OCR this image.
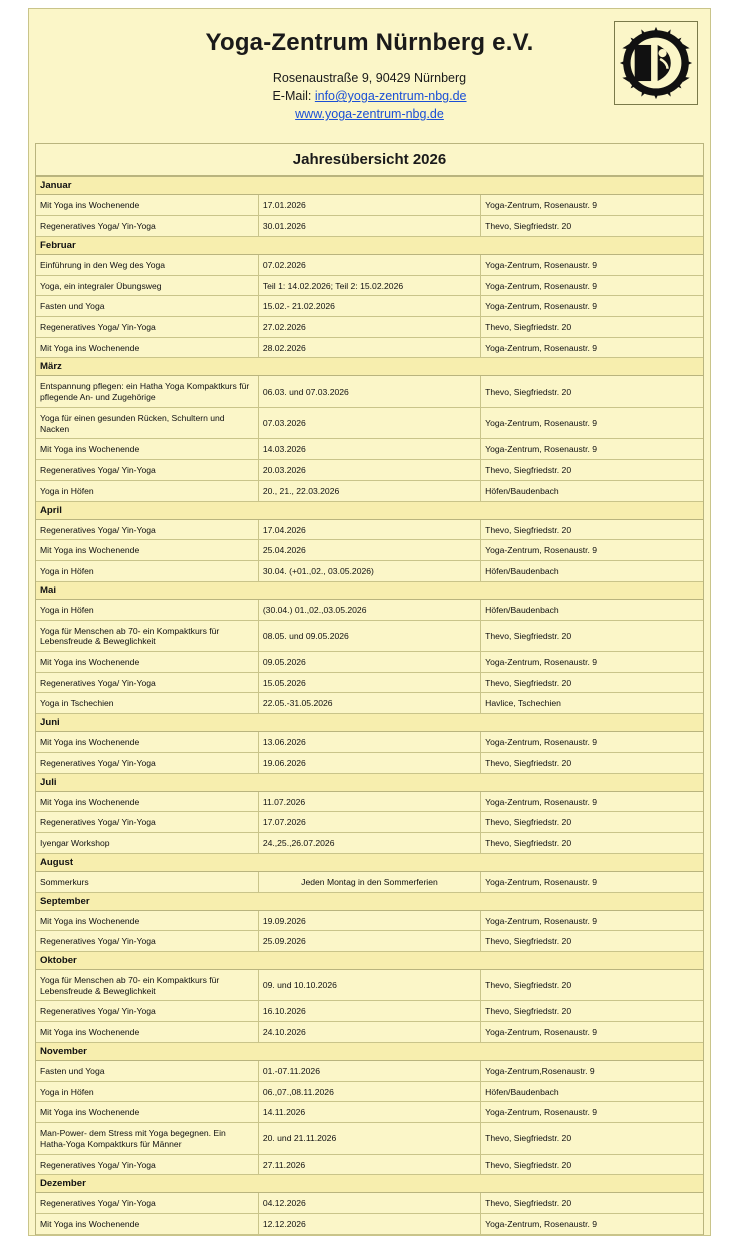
Yoga-Zentrum Nürnberg e.V.
Rosenaustraße 9, 90429 Nürnberg
E-Mail: info@yoga-zentrum-nbg.de
www.yoga-zentrum-nbg.de
Jahresübersicht 2026
Januar		
Mit Yoga ins Wochenende	17.01.2026	Yoga-Zentrum, Rosenaustr. 9
Regeneratives Yoga/ Yin-Yoga	30.01.2026	Thevo, Siegfriedstr. 20
Februar		
Einführung in den Weg des Yoga	07.02.2026	Yoga-Zentrum, Rosenaustr. 9
Yoga, ein integraler Übungsweg	Teil 1: 14.02.2026; Teil 2: 15.02.2026	Yoga-Zentrum, Rosenaustr. 9
Fasten und Yoga	15.02.- 21.02.2026	Yoga-Zentrum, Rosenaustr. 9
Regeneratives Yoga/ Yin-Yoga	27.02.2026	Thevo, Siegfriedstr. 20
Mit Yoga ins Wochenende	28.02.2026	Yoga-Zentrum, Rosenaustr. 9
März		
Entspannung pflegen: ein Hatha Yoga Kompaktkurs für pflegende An- und Zugehörige	06.03. und 07.03.2026	Thevo, Siegfriedstr. 20
Yoga für einen gesunden Rücken, Schultern und Nacken	07.03.2026	Yoga-Zentrum, Rosenaustr. 9
Mit Yoga ins Wochenende	14.03.2026	Yoga-Zentrum, Rosenaustr. 9
Regeneratives Yoga/ Yin-Yoga	20.03.2026	Thevo, Siegfriedstr. 20
Yoga in Höfen	20., 21., 22.03.2026	Höfen/Baudenbach
April		
Regeneratives Yoga/ Yin-Yoga	17.04.2026	Thevo, Siegfriedstr. 20
Mit Yoga ins Wochenende	25.04.2026	Yoga-Zentrum, Rosenaustr. 9
Yoga in Höfen	30.04. (+01.,02., 03.05.2026)	Höfen/Baudenbach
Mai		
Yoga in Höfen	(30.04.) 01.,02.,03.05.2026	Höfen/Baudenbach
Yoga für Menschen ab 70- ein Kompaktkurs für Lebensfreude & Beweglichkeit	08.05. und 09.05.2026	Thevo, Siegfriedstr. 20
Mit Yoga ins Wochenende	09.05.2026	Yoga-Zentrum, Rosenaustr. 9
Regeneratives Yoga/ Yin-Yoga	15.05.2026	Thevo, Siegfriedstr. 20
Yoga in Tschechien	22.05.-31.05.2026	Havlice, Tschechien
Juni		
Mit Yoga ins Wochenende	13.06.2026	Yoga-Zentrum, Rosenaustr. 9
Regeneratives Yoga/ Yin-Yoga	19.06.2026	Thevo, Siegfriedstr. 20
Juli		
Mit Yoga ins Wochenende	11.07.2026	Yoga-Zentrum, Rosenaustr. 9
Regeneratives Yoga/ Yin-Yoga	17.07.2026	Thevo, Siegfriedstr. 20
Iyengar Workshop	24.,25.,26.07.2026	Thevo, Siegfriedstr. 20
August		
Sommerkurs	Jeden Montag in den Sommerferien	Yoga-Zentrum, Rosenaustr. 9
September		
Mit Yoga ins Wochenende	19.09.2026	Yoga-Zentrum, Rosenaustr. 9
Regeneratives Yoga/ Yin-Yoga	25.09.2026	Thevo, Siegfriedstr. 20
Oktober		
Yoga für Menschen ab 70- ein Kompaktkurs für Lebensfreude & Beweglichkeit	09. und 10.10.2026	Thevo, Siegfriedstr. 20
Regeneratives Yoga/ Yin-Yoga	16.10.2026	Thevo, Siegfriedstr. 20
Mit Yoga ins Wochenende	24.10.2026	Yoga-Zentrum, Rosenaustr. 9
November		
Fasten und Yoga	01.-07.11.2026	Yoga-Zentrum,Rosenaustr. 9
Yoga in Höfen	06.,07.,08.11.2026	Höfen/Baudenbach
Mit Yoga ins Wochenende	14.11.2026	Yoga-Zentrum, Rosenaustr. 9
Man-Power- dem Stress mit Yoga begegnen. Ein Hatha-Yoga Kompaktkurs für Männer	20. und 21.11.2026	Thevo, Siegfriedstr. 20
Regeneratives Yoga/ Yin-Yoga	27.11.2026	Thevo, Siegfriedstr. 20
Dezember		
Regeneratives Yoga/ Yin-Yoga	04.12.2026	Thevo, Siegfriedstr. 20
Mit Yoga ins Wochenende	12.12.2026	Yoga-Zentrum, Rosenaustr. 9
